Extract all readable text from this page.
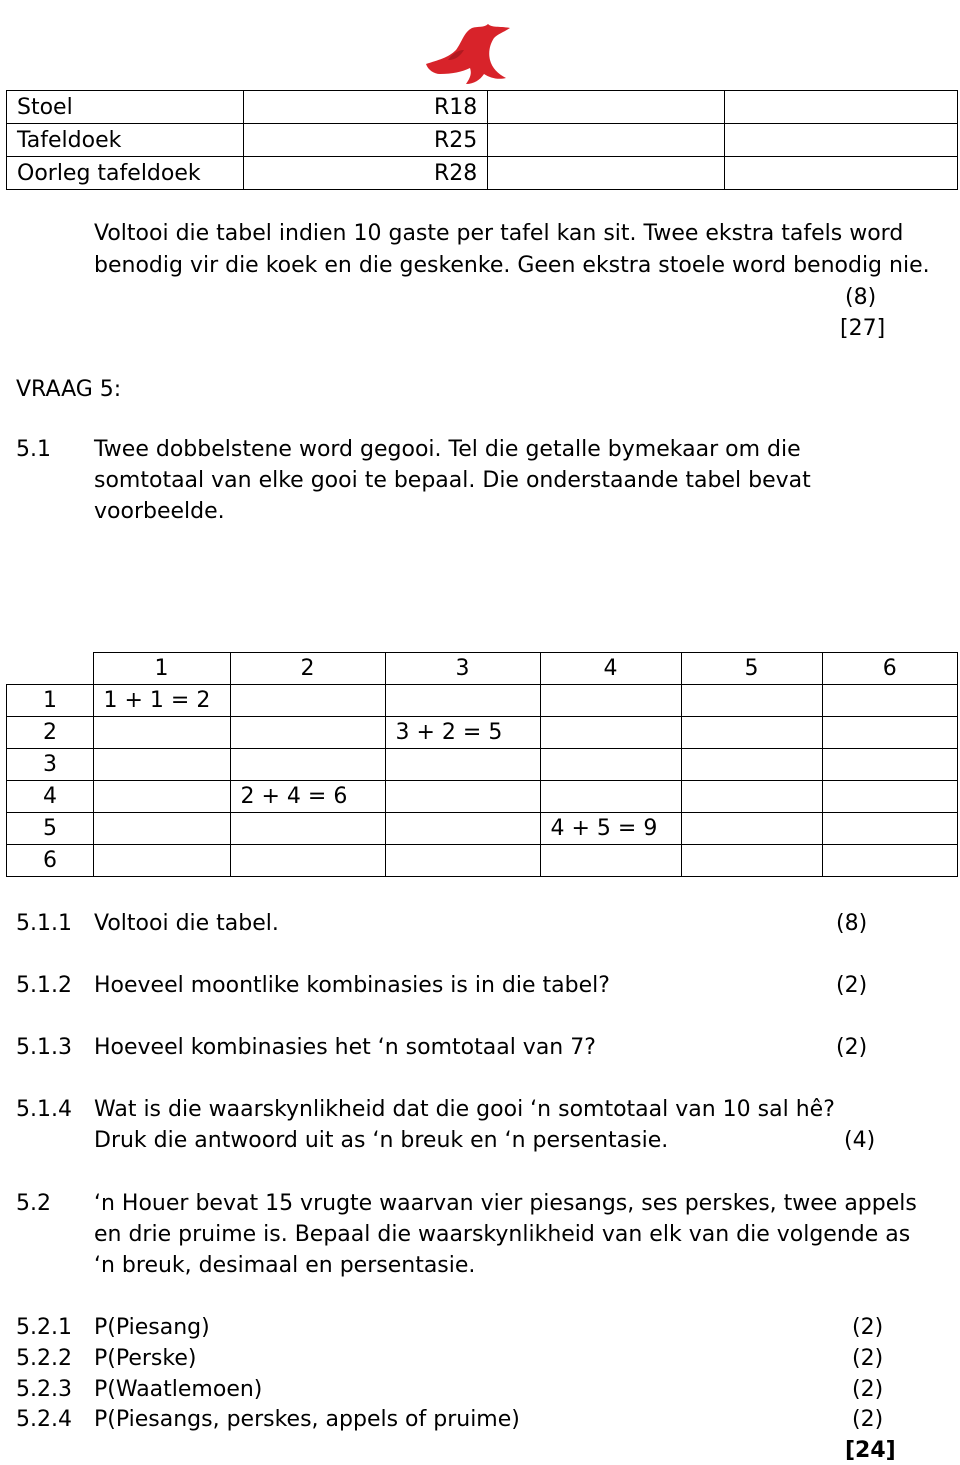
Stoel	R18		
Tafeldoek	R25		
Oorleg tafeldoek	R28		
Voltooi die tabel indien 10 gaste per tafel kan sit. Twee ekstra tafels word
benodig vir die koek en die geskenke. Geen ekstra stoele word benodig nie.
(8)
[27]
VRAAG 5:
5.1 Twee dobbelstene word gegooi. Tel die getalle bymekaar om die
somtotaal van elke gooi te bepaal. Die onderstaande tabel bevat
voorbeelde.
	1	2	3	4	5	6
1	1 + 1 = 2					
2			3 + 2 = 5			
3						
4		2 + 4 = 6				
5				4 + 5 = 9		
6						
5.1.1 Voltooi die tabel.	(8)
5.1.2 Hoeveel moontlike kombinasies is in die tabel?	(2)
5.1.3 Hoeveel kombinasies het ‘n somtotaal van 7?	(2)
5.1.4 Wat is die waarskynlikheid dat die gooi ‘n somtotaal van 10 sal hê?
Druk die antwoord uit as ‘n breuk en ‘n persentasie.	(4)
5.2 ‘n Houer bevat 15 vrugte waarvan vier piesangs, ses perskes, twee appels
en drie pruime is. Bepaal die waarskynlikheid van elk van die volgende as
‘n breuk, desimaal en persentasie.
5.2.1 P(Piesang)	(2)
5.2.2 P(Perske)	(2)
5.2.3 P(Waatlemoen)	(2)
5.2.4 P(Piesangs, perskes, appels of pruime)	(2)
[24]
